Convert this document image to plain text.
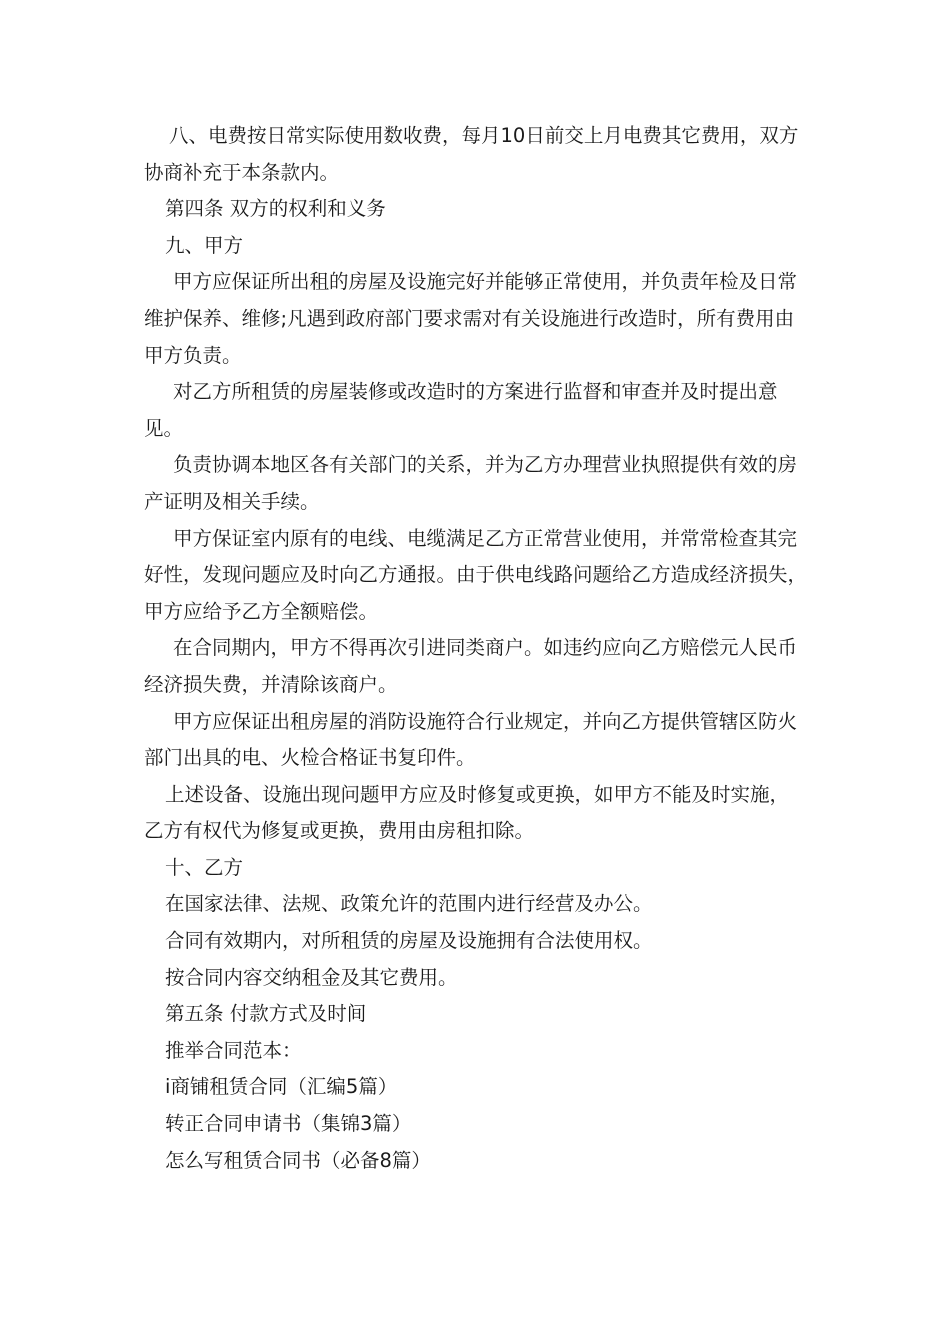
八、电费按日常实际使用数收费，每月10日前交上月电费其它费用，双方协商补充于本条款内。

第四条 双方的权利和义务

九、甲方

甲方应保证所出租的房屋及设施完好并能够正常使用，并负责年检及日常维护保养、维修;凡遇到政府部门要求需对有关设施进行改造时，所有费用由甲方负责。

对乙方所租赁的房屋装修或改造时的方案进行监督和审查并及时提出意见。

负责协调本地区各有关部门的关系，并为乙方办理营业执照提供有效的房产证明及相关手续。

甲方保证室内原有的电线、电缆满足乙方正常营业使用，并常常检查其完好性，发现问题应及时向乙方通报。由于供电线路问题给乙方造成经济损失，甲方应给予乙方全额赔偿。

在合同期内，甲方不得再次引进同类商户。如违约应向乙方赔偿元人民币经济损失费，并清除该商户。

甲方应保证出租房屋的消防设施符合行业规定，并向乙方提供管辖区防火部门出具的电、火检合格证书复印件。

上述设备、设施出现问题甲方应及时修复或更换，如甲方不能及时实施，乙方有权代为修复或更换，费用由房租扣除。

十、乙方

在国家法律、法规、政策允许的范围内进行经营及办公。

合同有效期内，对所租赁的房屋及设施拥有合法使用权。

按合同内容交纳租金及其它费用。

第五条 付款方式及时间

推举合同范本：

i商铺租赁合同（汇编5篇）

转正合同申请书（集锦3篇）

怎么写租赁合同书（必备8篇）
